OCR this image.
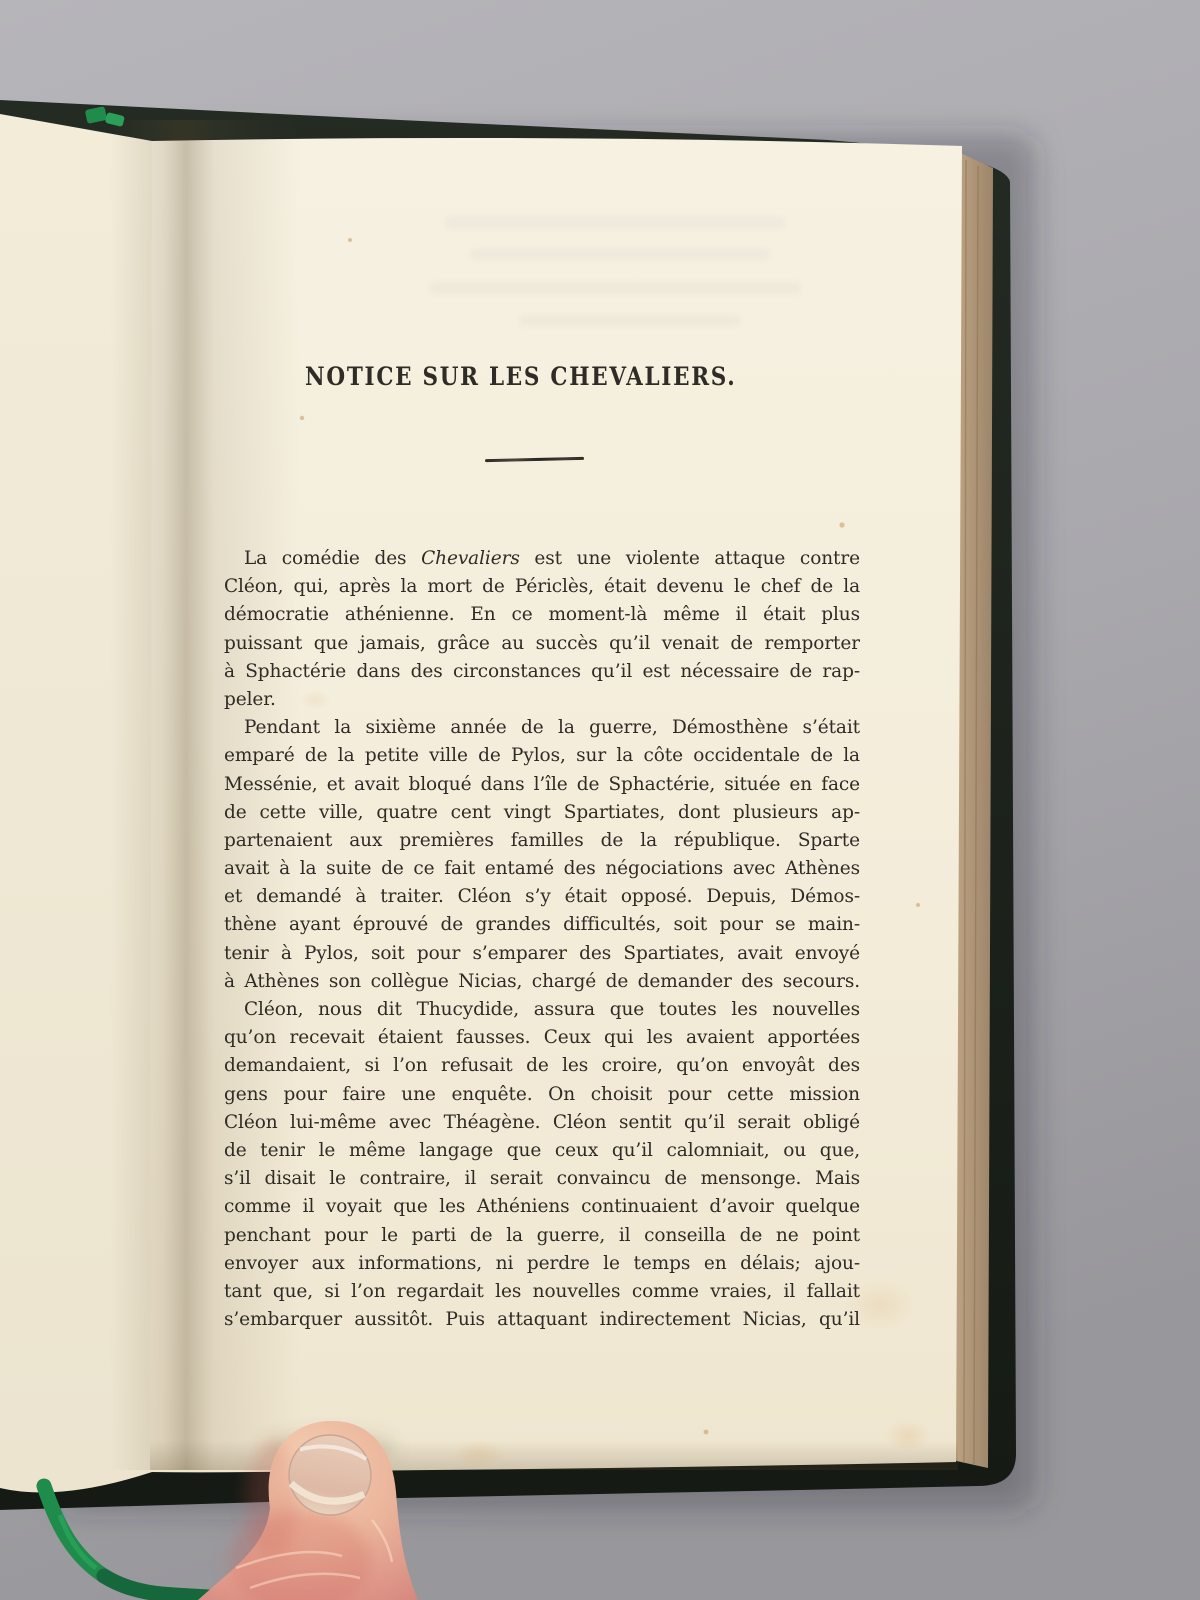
NOTICE SUR LES CHEVALIERS.
La comédie des Chevaliers est une violente attaque contre
Cléon, qui, après la mort de Périclès, était devenu le chef de la
démocratie athénienne. En ce moment-là même il était plus
puissant que jamais, grâce au succès qu’il venait de remporter
à Sphactérie dans des circonstances qu’il est nécessaire de rap-
peler.
Pendant la sixième année de la guerre, Démosthène s’était
emparé de la petite ville de Pylos, sur la côte occidentale de la
Messénie, et avait bloqué dans l’île de Sphactérie, située en face
de cette ville, quatre cent vingt Spartiates, dont plusieurs ap-
partenaient aux premières familles de la république. Sparte
avait à la suite de ce fait entamé des négociations avec Athènes
et demandé à traiter. Cléon s’y était opposé. Depuis, Démos-
thène ayant éprouvé de grandes difficultés, soit pour se main-
tenir à Pylos, soit pour s’emparer des Spartiates, avait envoyé
à Athènes son collègue Nicias, chargé de demander des secours.
Cléon, nous dit Thucydide, assura que toutes les nouvelles
qu’on recevait étaient fausses. Ceux qui les avaient apportées
demandaient, si l’on refusait de les croire, qu’on envoyât des
gens pour faire une enquête. On choisit pour cette mission
Cléon lui-même avec Théagène. Cléon sentit qu’il serait obligé
de tenir le même langage que ceux qu’il calomniait, ou que,
s’il disait le contraire, il serait convaincu de mensonge. Mais
comme il voyait que les Athéniens continuaient d’avoir quelque
penchant pour le parti de la guerre, il conseilla de ne point
envoyer aux informations, ni perdre le temps en délais; ajou-
tant que, si l’on regardait les nouvelles comme vraies, il fallait
s’embarquer aussitôt. Puis attaquant indirectement Nicias, qu’il
